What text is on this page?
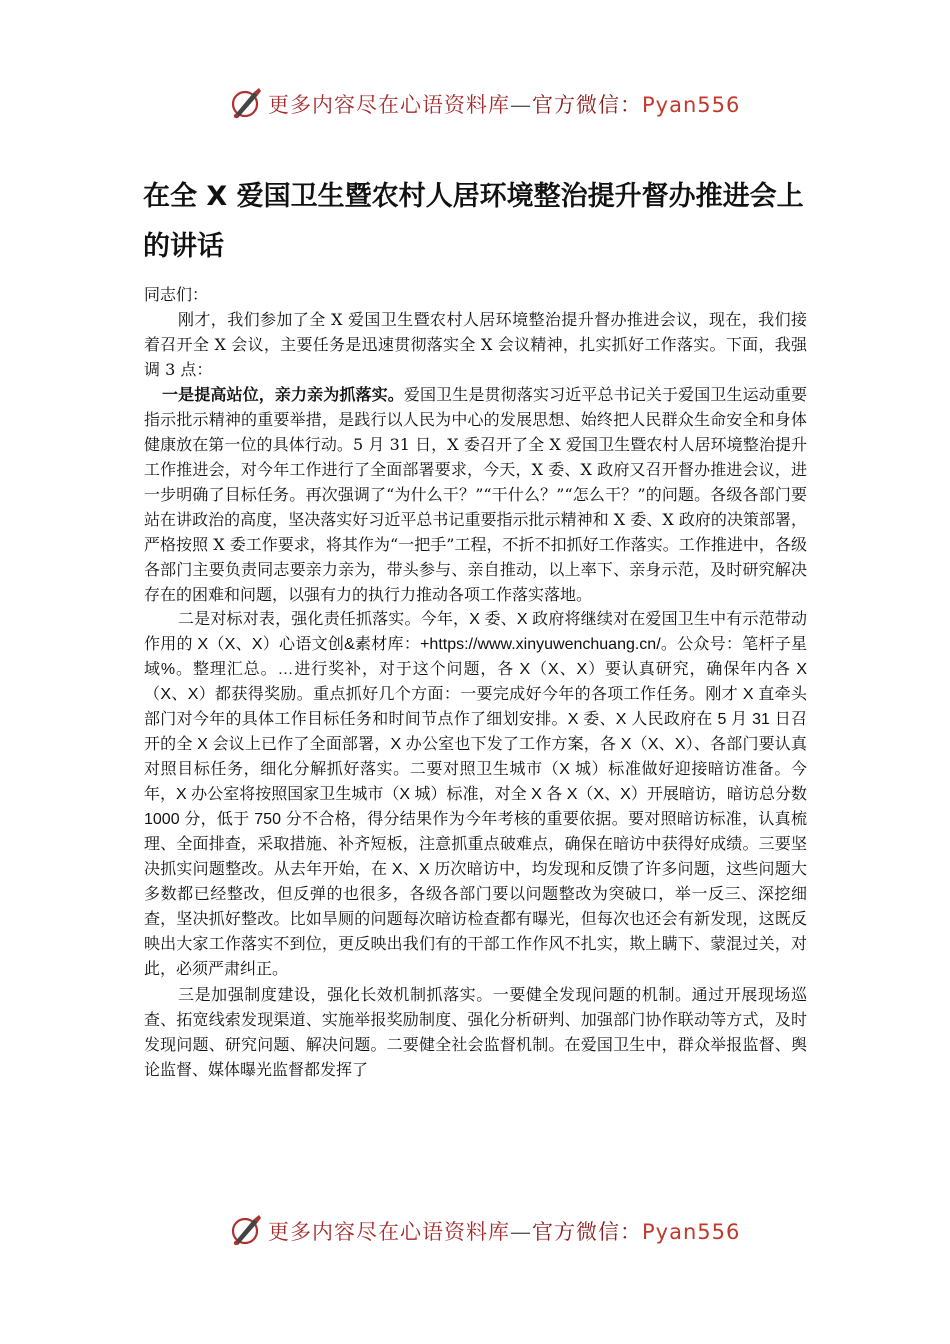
更多内容尽在心语资料库—官方微信：Pyan556
在全 X 爱国卫生暨农村人居环境整治提升督办推进会上的讲话

同志们：

刚才，我们参加了全 X 爱国卫生暨农村人居环境整治提升督办推进会议，现在，我们接着召开全 X 会议，主要任务是迅速贯彻落实全 X 会议精神，扎实抓好工作落实。下面，我强调 3 点：

一是提高站位，亲力亲为抓落实。爱国卫生是贯彻落实习近平总书记关于爱国卫生运动重要指示批示精神的重要举措，是践行以人民为中心的发展思想、始终把人民群众生命安全和身体健康放在第一位的具体行动。5 月 31 日，X 委召开了全 X 爱国卫生暨农村人居环境整治提升工作推进会，对今年工作进行了全面部署要求，今天，X 委、X 政府又召开督办推进会议，进一步明确了目标任务。再次强调了“为什么干？”“干什么？”“怎么干？”的问题。各级各部门要站在讲政治的高度，坚决落实好习近平总书记重要指示批示精神和 X 委、X 政府的决策部署，严格按照 X 委工作要求，将其作为“一把手”工程，不折不扣抓好工作落实。工作推进中，各级各部门主要负责同志要亲力亲为，带头参与、亲自推动，以上率下、亲身示范，及时研究解决存在的困难和问题，以强有力的执行力推动各项工作落实落地。

二是对标对表，强化责任抓落实。今年，X 委、X 政府将继续对在爱国卫生中有示范带动作用的 X（X、X）心语文创&素材库：+https://www.xinyuwenchuang.cn/。公众号：笔杆子星域%。整理汇总。…进行奖补，对于这个问题，各 X（X、X）要认真研究，确保年内各 X（X、X）都获得奖励。重点抓好几个方面：一要完成好今年的各项工作任务。刚才 X 直牵头部门对今年的具体工作目标任务和时间节点作了细划安排。X 委、X 人民政府在 5 月 31 日召开的全 X 会议上已作了全面部署，X 办公室也下发了工作方案，各 X（X、X）、各部门要认真对照目标任务，细化分解抓好落实。二要对照卫生城市（X 城）标准做好迎接暗访准备。今年，X 办公室将按照国家卫生城市（X 城）标准，对全 X 各 X（X、X）开展暗访，暗访总分数 1000 分，低于 750 分不合格，得分结果作为今年考核的重要依据。要对照暗访标准，认真梳理、全面排查，采取措施、补齐短板，注意抓重点破难点，确保在暗访中获得好成绩。三要坚决抓实问题整改。从去年开始，在 X、X 历次暗访中，均发现和反馈了许多问题，这些问题大多数都已经整改，但反弹的也很多，各级各部门要以问题整改为突破口，举一反三、深挖细查，坚决抓好整改。比如旱厕的问题每次暗访检查都有曝光，但每次也还会有新发现，这既反映出大家工作落实不到位，更反映出我们有的干部工作作风不扎实，欺上瞒下、蒙混过关，对此，必须严肃纠正。

三是加强制度建设，强化长效机制抓落实。一要健全发现问题的机制。通过开展现场巡查、拓宽线索发现渠道、实施举报奖励制度、强化分析研判、加强部门协作联动等方式，及时发现问题、研究问题、解决问题。二要健全社会监督机制。在爱国卫生中，群众举报监督、舆论监督、媒体曝光监督都发挥了

更多内容尽在心语资料库—官方微信：Pyan556
